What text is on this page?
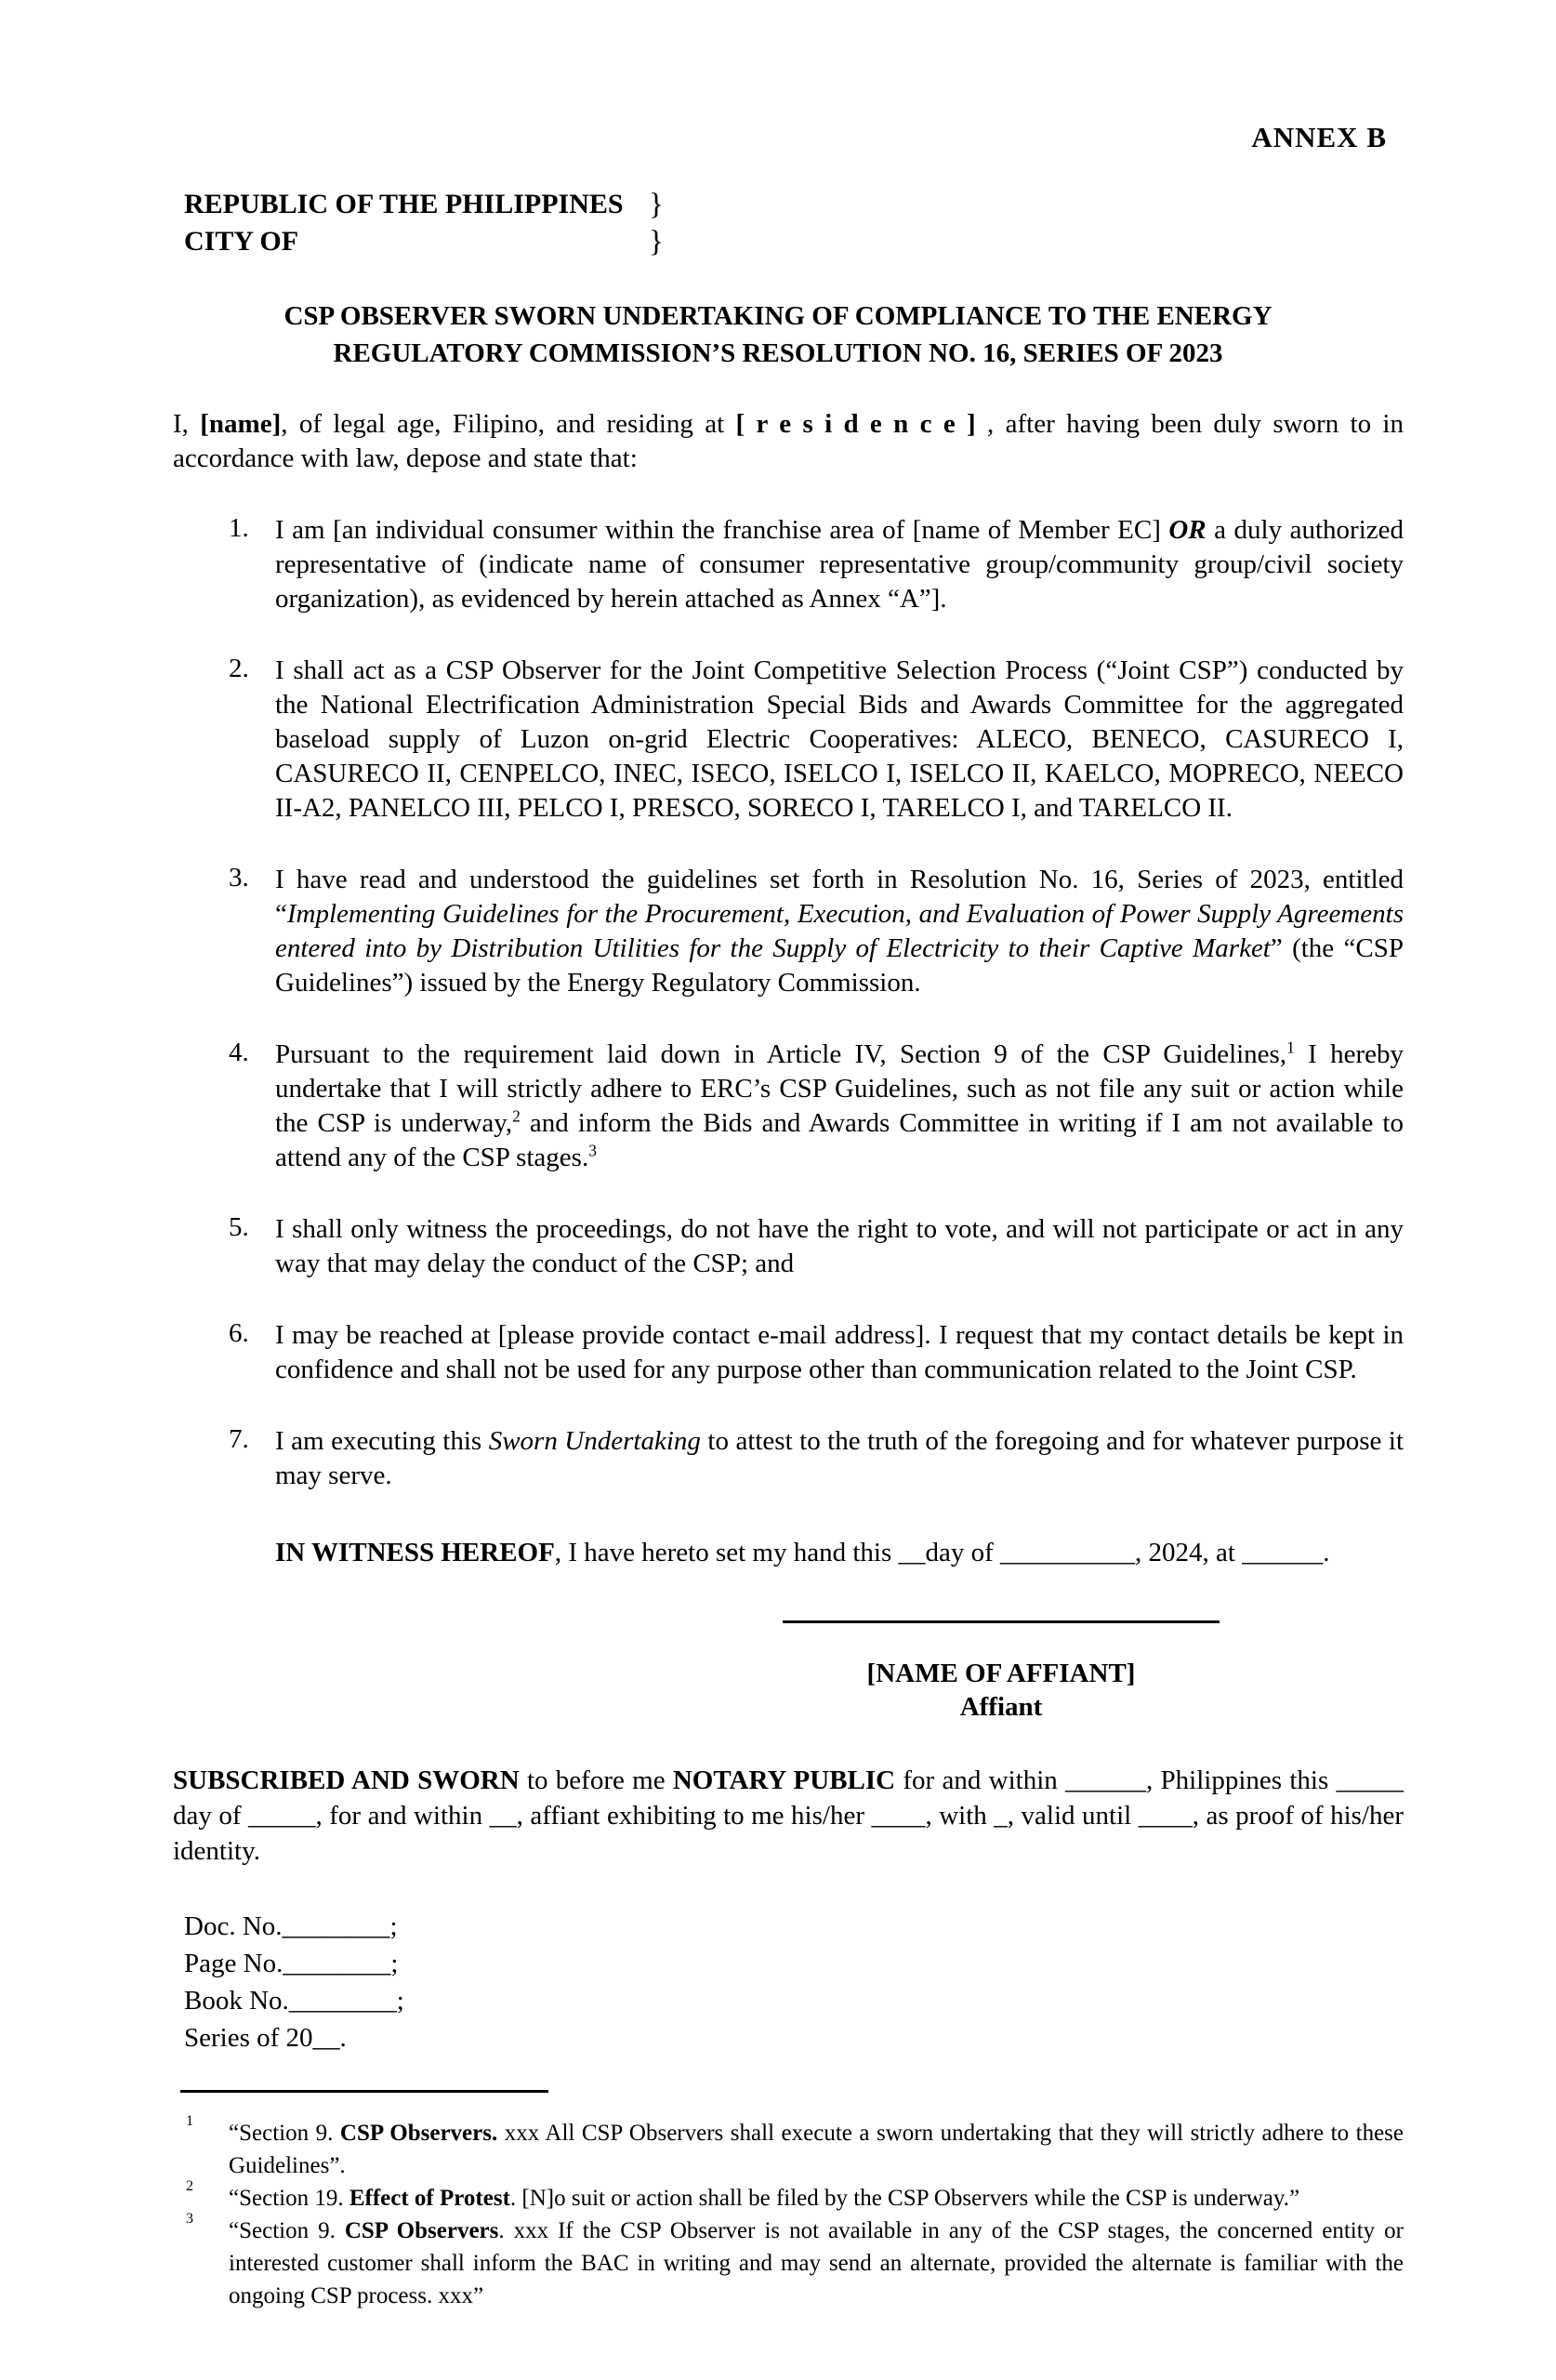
ANNEX B
REPUBLIC OF THE PHILIPPINES }
CITY OF	}
CSP OBSERVER SWORN UNDERTAKING OF COMPLIANCE TO THE ENERGY
REGULATORY COMMISSION’S RESOLUTION NO. 16, SERIES OF 2023

I, [name], of legal age, Filipino, and residing at [ r e s i d e n c e ] , after having been duly sworn to in accordance with law, depose and state that:

1. I am [an individual consumer within the franchise area of [name of Member EC] OR a duly authorized representative of (indicate name of consumer representative group/community group/civil society organization), as evidenced by herein attached as Annex “A”].
2. I shall act as a CSP Observer for the Joint Competitive Selection Process (“Joint CSP”) conducted by the National Electrification Administration Special Bids and Awards Committee for the aggregated baseload supply of Luzon on-grid Electric Cooperatives: ALECO, BENECO, CASURECO I, CASURECO II, CENPELCO, INEC, ISECO, ISELCO I, ISELCO II, KAELCO, MOPRECO, NEECO II-A2, PANELCO III, PELCO I, PRESCO, SORECO I, TARELCO I, and TARELCO II.
3. I have read and understood the guidelines set forth in Resolution No. 16, Series of 2023, entitled “Implementing Guidelines for the Procurement, Execution, and Evaluation of Power Supply Agreements entered into by Distribution Utilities for the Supply of Electricity to their Captive Market” (the “CSP Guidelines”) issued by the Energy Regulatory Commission.
4. Pursuant to the requirement laid down in Article IV, Section 9 of the CSP Guidelines,$^1$ I hereby undertake that I will strictly adhere to ERC’s CSP Guidelines, such as not file any suit or action while the CSP is underway,$^2$ and inform the Bids and Awards Committee in writing if I am not available to attend any of the CSP stages.$^3$
5. I shall only witness the proceedings, do not have the right to vote, and will not participate or act in any way that may delay the conduct of the CSP; and
6. I may be reached at [please provide contact e-mail address]. I request that my contact details be kept in confidence and shall not be used for any purpose other than communication related to the Joint CSP.
7. I am executing this Sworn Undertaking to attest to the truth of the foregoing and for whatever purpose it may serve.

IN WITNESS HEREOF, I have hereto set my hand this __day of __________, 2024, at ______.

[NAME OF AFFIANT]
Affiant

SUBSCRIBED AND SWORN to before me NOTARY PUBLIC for and within ______, Philippines this _____ day of _____, for and within __, affiant exhibiting to me his/her ____, with _, valid until ____, as proof of his/her identity.

Doc. No.________;
Page No.________;
Book No.________;
Series of 20__.
1	“Section 9. CSP Observers. xxx All CSP Observers shall execute a sworn undertaking that they will strictly adhere to these Guidelines”.
2	“Section 19. Effect of Protest. [N]o suit or action shall be filed by the CSP Observers while the CSP is underway.”
3	“Section 9. CSP Observers. xxx If the CSP Observer is not available in any of the CSP stages, the concerned entity or interested customer shall inform the BAC in writing and may send an alternate, provided the alternate is familiar with the ongoing CSP process. xxx”
